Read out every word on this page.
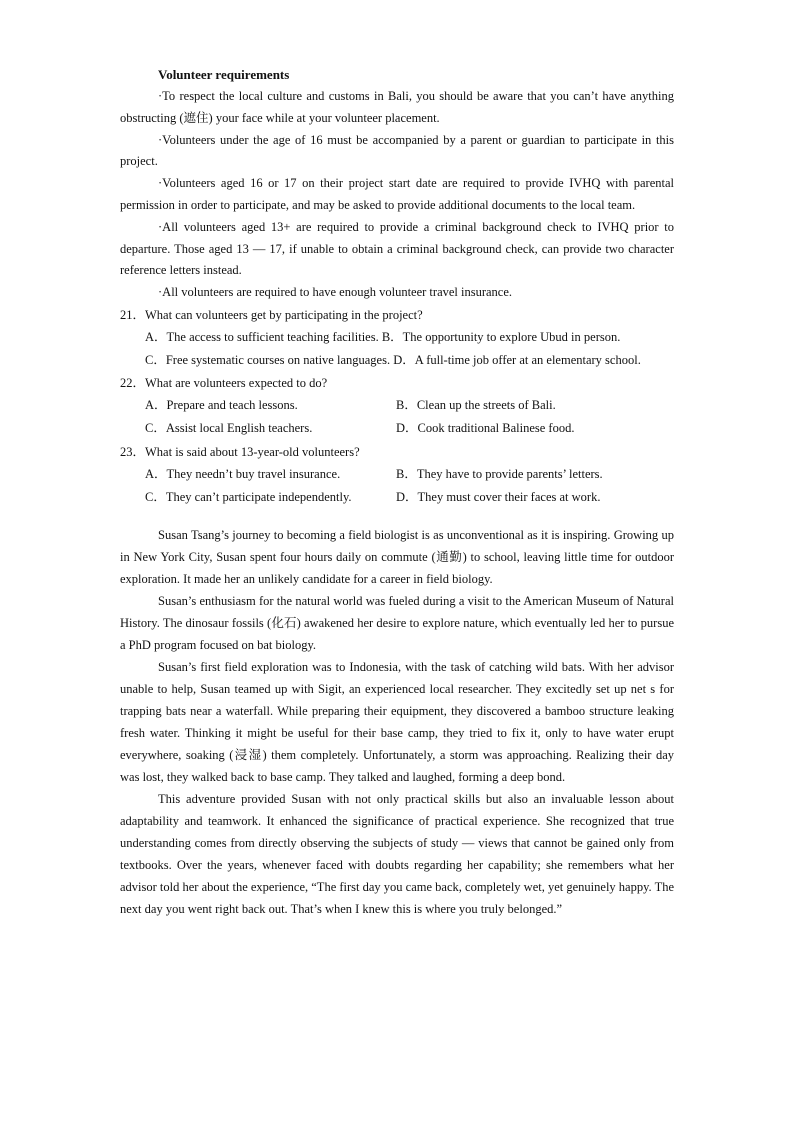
Volunteer requirements

·To respect the local culture and customs in Bali, you should be aware that you can’t have anything obstructing (遮住) your face while at your volunteer placement.

·Volunteers under the age of 16 must be accompanied by a parent or guardian to participate in this project.

·Volunteers aged 16 or 17 on their project start date are required to provide IVHQ with parental permission in order to participate, and may be asked to provide additional documents to the local team.

·All volunteers aged 13+ are required to provide a criminal background check to IVHQ prior to departure. Those aged 13 — 17, if unable to obtain a criminal background check, can provide two character reference letters instead.

·All volunteers are required to have enough volunteer travel insurance.

21．What can volunteers get by participating in the project?

A．The access to sufficient teaching facilities. B．The opportunity to explore Ubud in person.
C．Free systematic courses on native languages. D．A full-time job offer at an elementary school.

22．What are volunteers expected to do?

A．Prepare and teach lessons.	B．Clean up the streets of Bali.
C．Assist local English teachers.	D．Cook traditional Balinese food.

23．What is said about 13-year-old volunteers?

A．They needn’t buy travel insurance.	B．They have to provide parents’ letters.
C．They can’t participate independently.	D．They must cover their faces at work.

Susan Tsang’s journey to becoming a field biologist is as unconventional as it is inspiring. Growing up in New York City, Susan spent four hours daily on commute (通勤) to school, leaving little time for outdoor exploration. It made her an unlikely candidate for a career in field biology.

Susan’s enthusiasm for the natural world was fueled during a visit to the American Museum of Natural History. The dinosaur fossils (化石) awakened her desire to explore nature, which eventually led her to pursue a PhD program focused on bat biology.

Susan’s first field exploration was to Indonesia, with the task of catching wild bats. With her advisor unable to help, Susan teamed up with Sigit, an experienced local researcher. They excitedly set up net s for trapping bats near a waterfall. While preparing their equipment, they discovered a bamboo structure leaking fresh water. Thinking it might be useful for their base camp, they tried to fix it, only to have water erupt everywhere, soaking (浸湿) them completely. Unfortunately, a storm was approaching. Realizing their day was lost, they walked back to base camp. They talked and laughed, forming a deep bond.

This adventure provided Susan with not only practical skills but also an invaluable lesson about adaptability and teamwork. It enhanced the significance of practical experience. She recognized that true understanding comes from directly observing the subjects of study — views that cannot be gained only from textbooks. Over the years, whenever faced with doubts regarding her capability; she remembers what her advisor told her about the experience, “The first day you came back, completely wet, yet genuinely happy. The next day you went right back out. That’s when I knew this is where you truly belonged.”
